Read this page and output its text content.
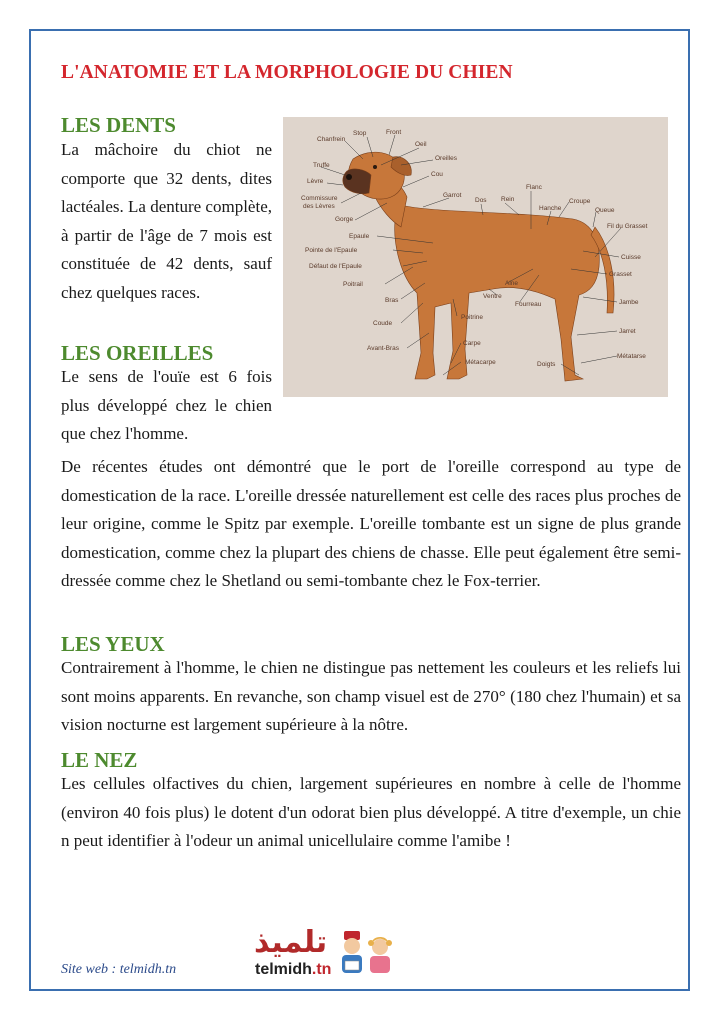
L'ANATOMIE ET LA MORPHOLOGIE DU CHIEN
LES DENTS

La mâchoire du chiot ne comporte que 32 dents, dites lactéales. La denture complète, à partir de l'âge de 7 mois est constituée de 42 dents, sauf chez quelques races.

LES OREILLES

Le sens de l'ouïe est 6 fois plus développé chez le chien que chez l'homme.

De récentes études ont démontré que le port de l'oreille correspond au type de domestication de la race. L'oreille dressée naturellement est celle des races plus proches de leur origine, comme le Spitz par exemple. L'oreille tombante est un signe de plus grande domestication, comme chez la plupart des chiens de chasse. Elle peut également être semi-dressée comme chez le Shetland ou semi-tombante chez le Fox-terrier.

LES YEUX

Contrairement à l'homme, le chien ne distingue pas nettement les couleurs et les reliefs lui sont moins apparents. En revanche, son champ visuel est de 270° (180 chez l'humain) et sa vision nocturne est largement supérieure à la nôtre.

LE NEZ

Les cellules olfactives du chien, largement supérieures en nombre à celle de l'homme (environ 40 fois plus) le dotent d'un odorat bien plus développé. A titre d'exemple, un chie n peut identifier à l'odeur un animal unicellulaire comme l'amibe !

Chanfrein
Stop	Front
Oeil
Oreilles
Truffe
Cou
Lèvre
Garrot
Commissure
des Lèvres
Dos Rein
Flanc
Hanche
Croupe
Queue
Fil du Grasset
Gorge
Epaule
Pointe de l'Epaule
Défaut de l'Epaule
Poitrail
Bras
Coude
Avant-Bras
Poitrine
Ventre
Aine
Fourreau
Cuisse
Grasset
Jambe
Jarret
Métatarse
Carpe
Métacarpe	Doigts
Site web : telmidh.tn
تلميذ
telmidh.tn
